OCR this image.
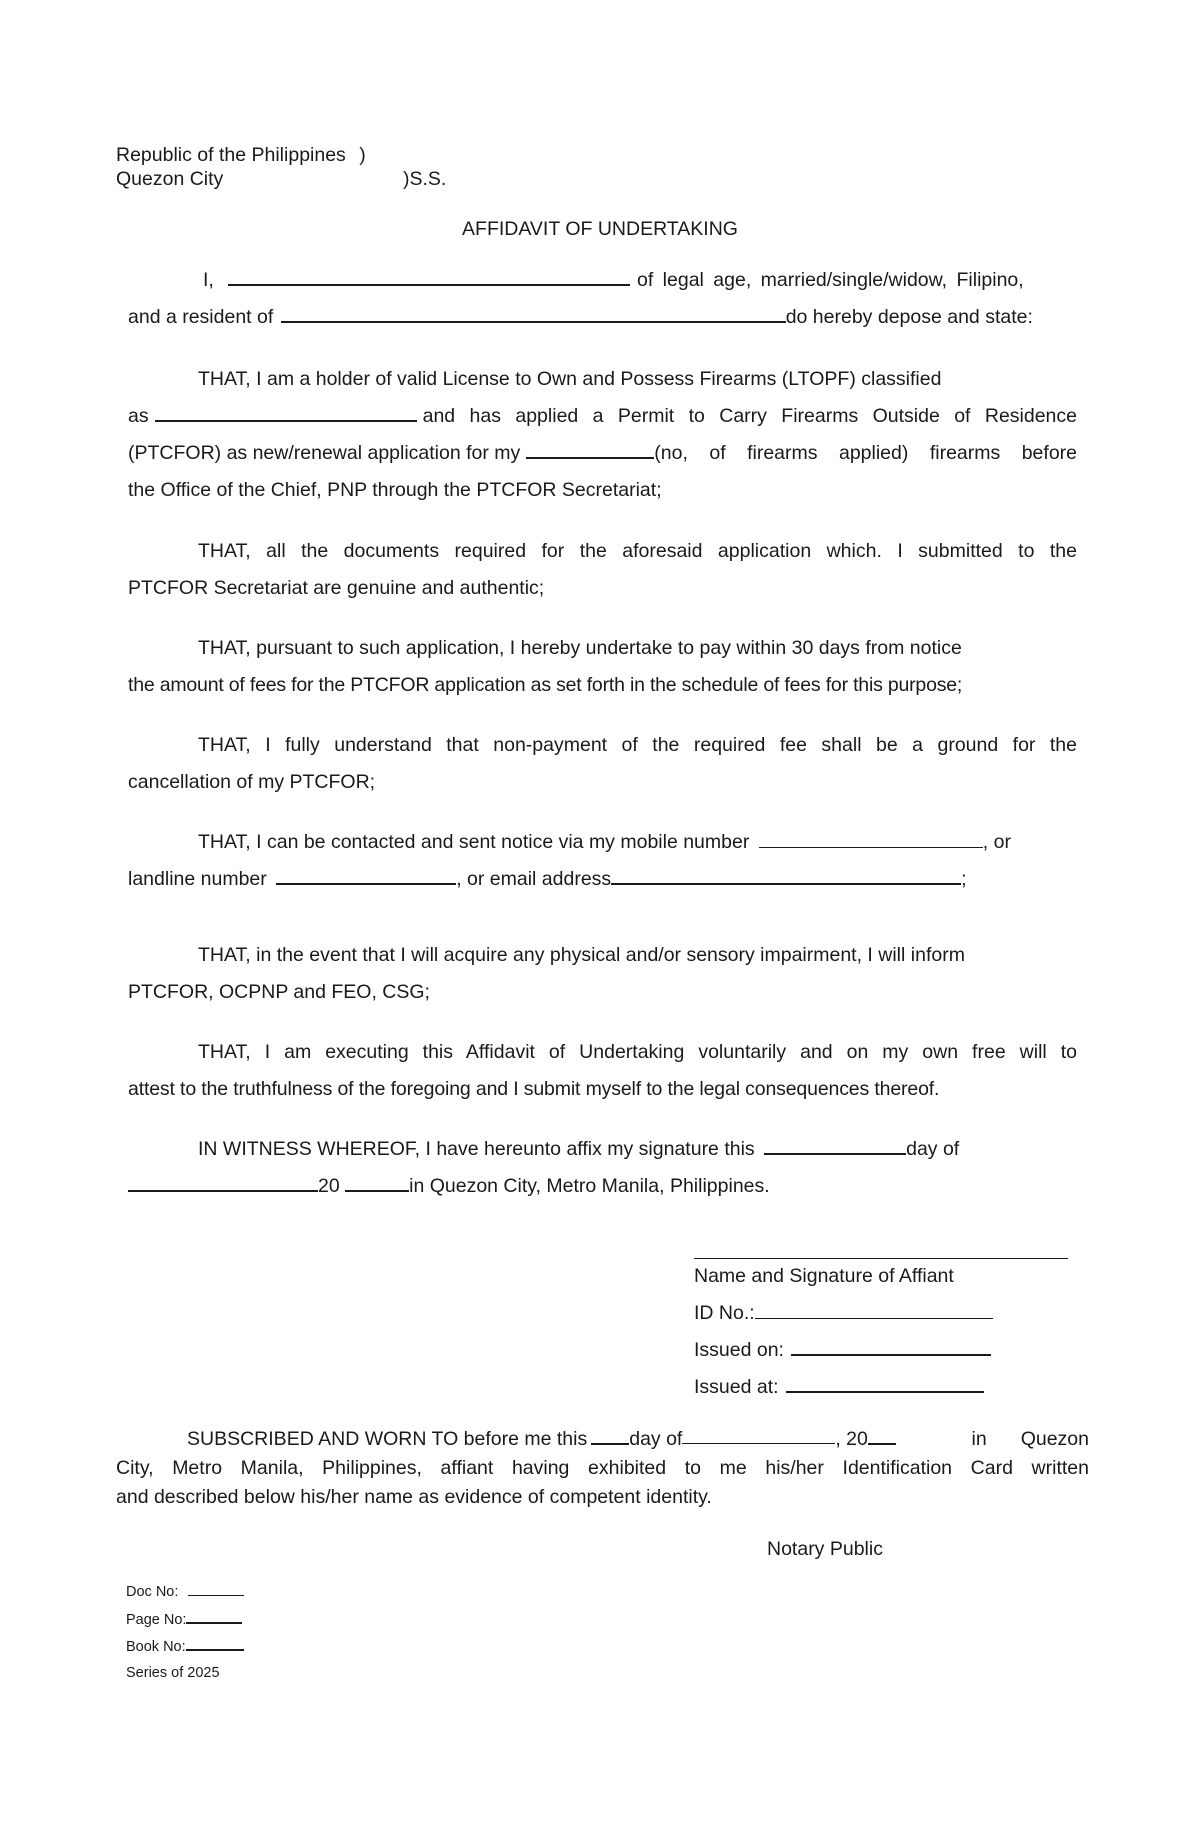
Republic of the Philippines )
Quezon City	)S.S.
AFFIDAVIT OF UNDERTAKING
I,	of legal age, married/single/widow, Filipino,
and a resident of	do hereby depose and state:
THAT, I am a holder of valid License to Own and Possess Firearms (LTOPF) classified
as	and has applied a Permit to Carry Firearms Outside of Residence
(PTCFOR) as new/renewal application for my	(no, of firearms applied) firearms before
the Office of the Chief, PNP through the PTCFOR Secretariat;
THAT, all the documents required for the aforesaid application which. I submitted to the
PTCFOR Secretariat are genuine and authentic;
THAT, pursuant to such application, I hereby undertake to pay within 30 days from notice
the amount of fees for the PTCFOR application as set forth in the schedule of fees for this purpose;
THAT, I fully understand that non-payment of the required fee shall be a ground for the
cancellation of my PTCFOR;
THAT, I can be contacted and sent notice via my mobile number	, or
landline number	, or email address	;
THAT, in the event that I will acquire any physical and/or sensory impairment, I will inform
PTCFOR, OCPNP and FEO, CSG;
THAT, I am executing this Affidavit of Undertaking voluntarily and on my own free will to
attest to the truthfulness of the foregoing and I submit myself to the legal consequences thereof.
IN WITNESS WHEREOF, I have hereunto affix my signature this	day of
20	in Quezon City, Metro Manila, Philippines.
Name and Signature of Affiant
ID No.:
Issued on:
Issued at:
SUBSCRIBED AND WORN TO before me this day of	, 20	in Quezon
City, Metro Manila, Philippines, affiant having exhibited to me his/her Identification Card written
and described below his/her name as evidence of competent identity.
Notary Public
Doc No:
Page No:
Book No:
Series of 2025
